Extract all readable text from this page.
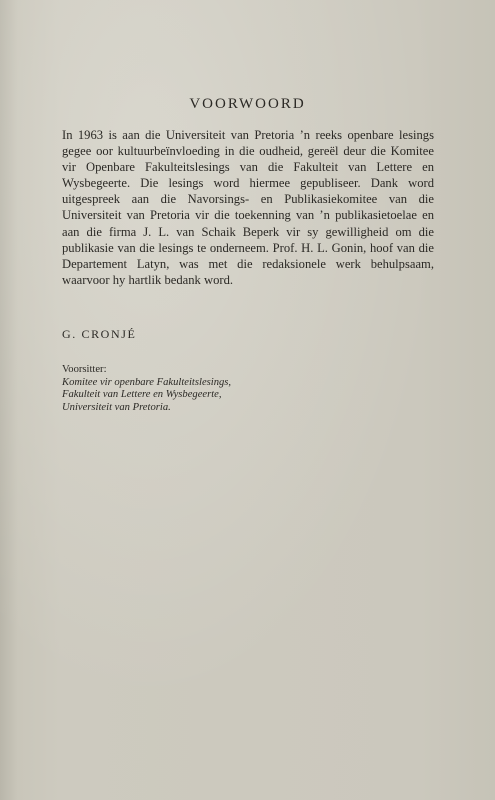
VOORWOORD

In 1963 is aan die Universiteit van Pretoria ’n reeks openbare lesings gegee oor kultuurbeïnvloeding in die oudheid, gereël deur die Komitee vir Openbare Fakulteitslesings van die Fakulteit van Lettere en Wysbegeerte. Die lesings word hiermee gepubliseer. Dank word uitgespreek aan die Navorsings- en Publikasiekomitee van die Universiteit van Pretoria vir die toekenning van ’n publikasietoelae en aan die firma J. L. van Schaik Beperk vir sy gewilligheid om die publikasie van die lesings te onderneem. Prof. H. L. Gonin, hoof van die Departement Latyn, was met die redaksionele werk behulpsaam, waarvoor hy hartlik bedank word.

G. CRONJÉ
Voorsitter:
Komitee vir openbare Fakulteitslesings,
Fakulteit van Lettere en Wysbegeerte,
Universiteit van Pretoria.
